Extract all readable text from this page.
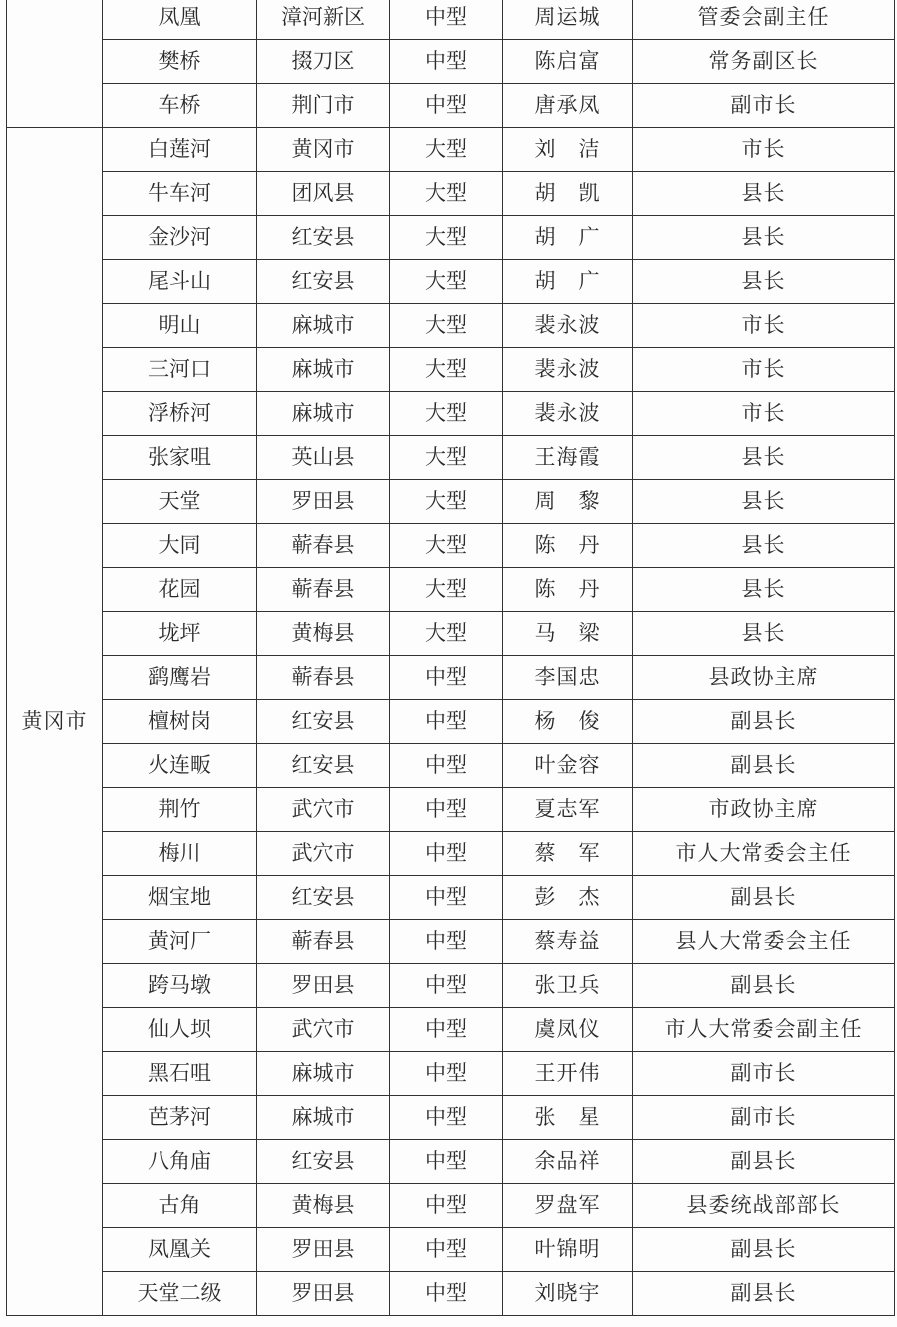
	凤凰	漳河新区	中型	周运城	管委会副主任
	樊桥	掇刀区	中型	陈启富	常务副区长
	车桥	荆门市	中型	唐承凤	副市长
黄冈市	白莲河	黄冈市	大型	刘　洁	市长
	牛车河	团风县	大型	胡　凯	县长
	金沙河	红安县	大型	胡　广	县长
	尾斗山	红安县	大型	胡　广	县长
	明山	麻城市	大型	裴永波	市长
	三河口	麻城市	大型	裴永波	市长
	浮桥河	麻城市	大型	裴永波	市长
	张家咀	英山县	大型	王海霞	县长
	天堂	罗田县	大型	周　黎	县长
	大同	蕲春县	大型	陈　丹	县长
	花园	蕲春县	大型	陈　丹	县长
	垅坪	黄梅县	大型	马　梁	县长
	鹞鹰岩	蕲春县	中型	李国忠	县政协主席
	檀树岗	红安县	中型	杨　俊	副县长
	火连畈	红安县	中型	叶金容	副县长
	荆竹	武穴市	中型	夏志军	市政协主席
	梅川	武穴市	中型	蔡　军	市人大常委会主任
	烟宝地	红安县	中型	彭　杰	副县长
	黄河厂	蕲春县	中型	蔡寿益	县人大常委会主任
	跨马墩	罗田县	中型	张卫兵	副县长
	仙人坝	武穴市	中型	虞凤仪	市人大常委会副主任
	黑石咀	麻城市	中型	王开伟	副市长
	芭茅河	麻城市	中型	张　星	副市长
	八角庙	红安县	中型	余品祥	副县长
	古角	黄梅县	中型	罗盘军	县委统战部部长
	凤凰关	罗田县	中型	叶锦明	副县长
	天堂二级	罗田县	中型	刘晓宇	副县长
